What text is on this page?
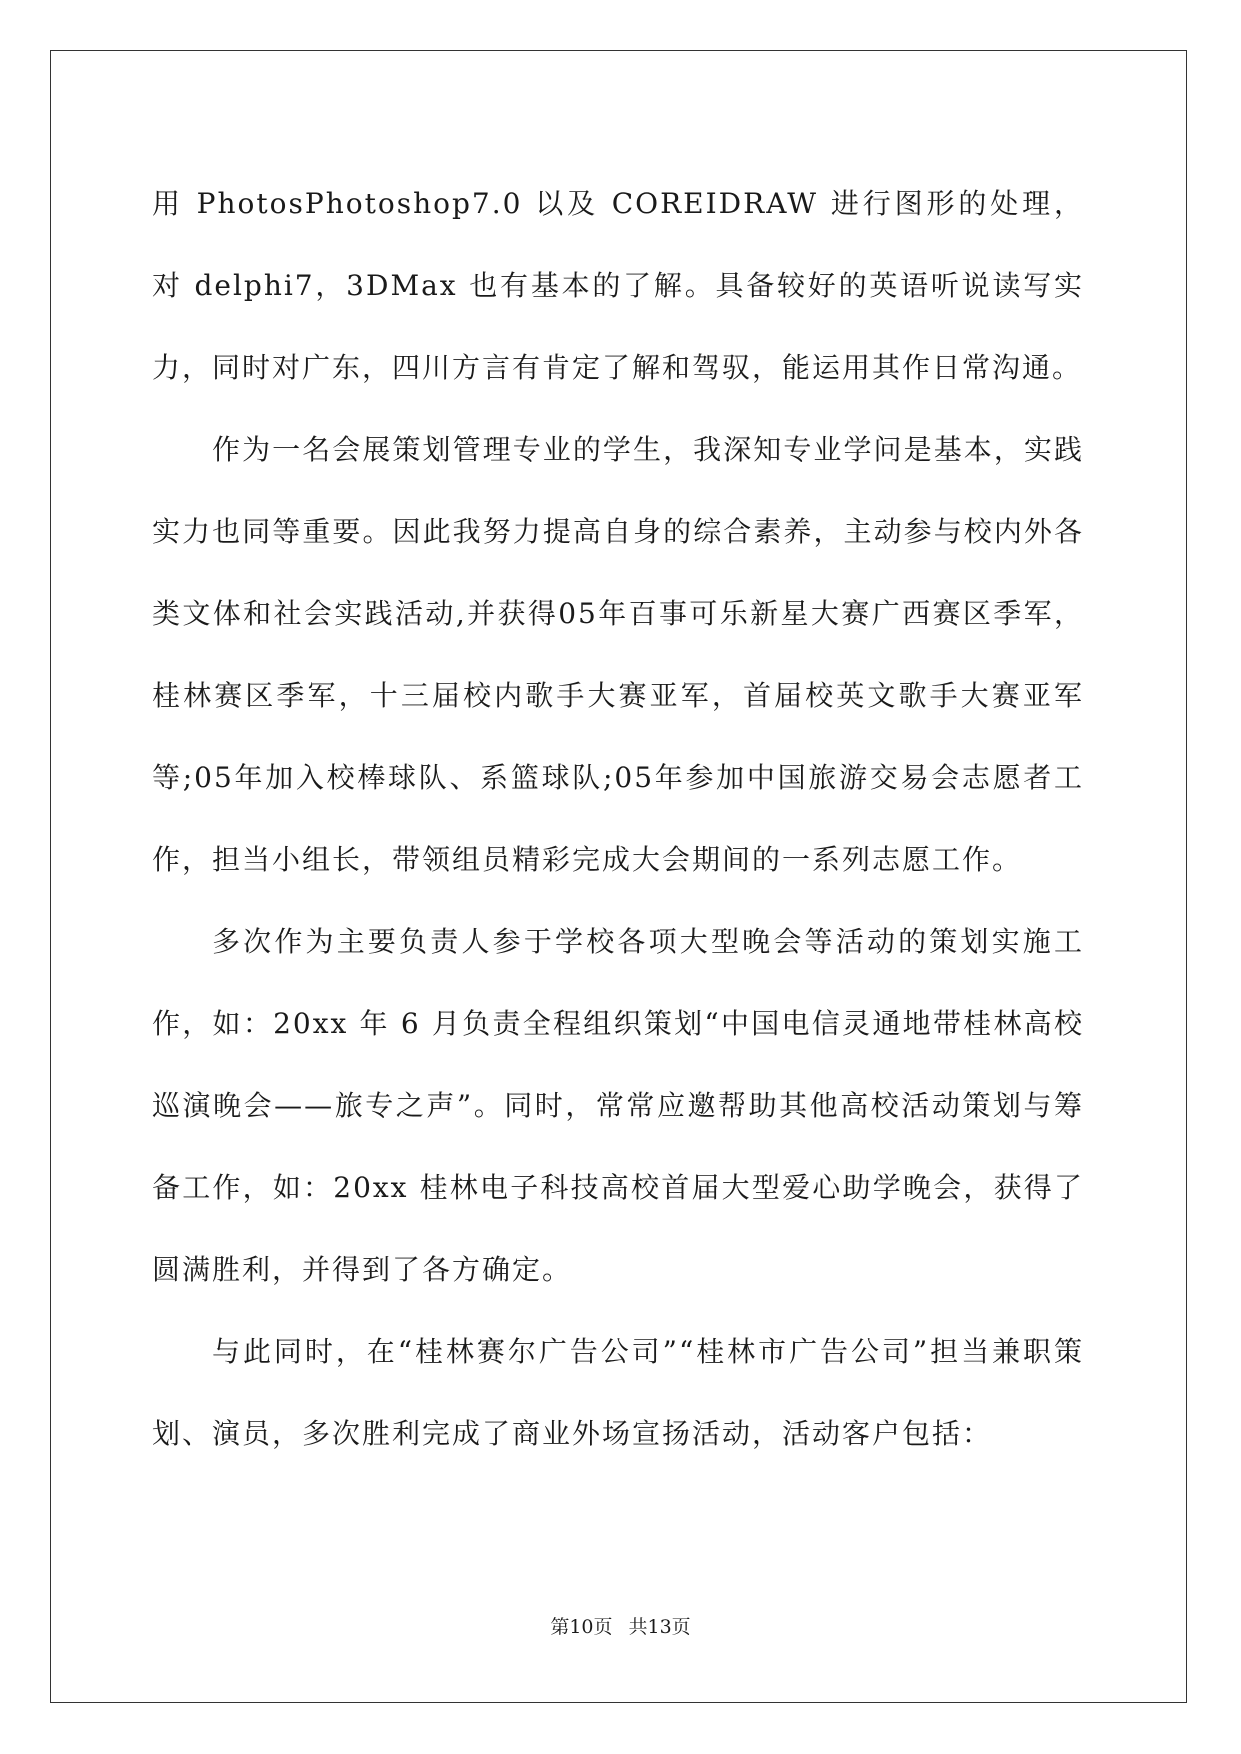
用 PhotosPhotoshop7.0 以及 COREIDRAW 进行图形的处理，对 delphi7，3DMax 也有基本的了解。具备较好的英语听说读写实力，同时对广东，四川方言有肯定了解和驾驭，能运用其作日常沟通。

作为一名会展策划管理专业的学生，我深知专业学问是基本，实践实力也同等重要。因此我努力提高自身的综合素养，主动参与校内外各类文体和社会实践活动,并获得05年百事可乐新星大赛广西赛区季军，桂林赛区季军，十三届校内歌手大赛亚军，首届校英文歌手大赛亚军等;05年加入校棒球队、系篮球队;05年参加中国旅游交易会志愿者工作，担当小组长，带领组员精彩完成大会期间的一系列志愿工作。

多次作为主要负责人参于学校各项大型晚会等活动的策划实施工作，如：20xx 年 6 月负责全程组织策划“中国电信灵通地带桂林高校巡演晚会——旅专之声”。同时，常常应邀帮助其他高校活动策划与筹备工作，如：20xx 桂林电子科技高校首届大型爱心助学晚会，获得了圆满胜利，并得到了各方确定。

与此同时，在“桂林赛尔广告公司”“桂林市广告公司”担当兼职策划、演员，多次胜利完成了商业外场宣扬活动，活动客户包括：

第10页 共13页
